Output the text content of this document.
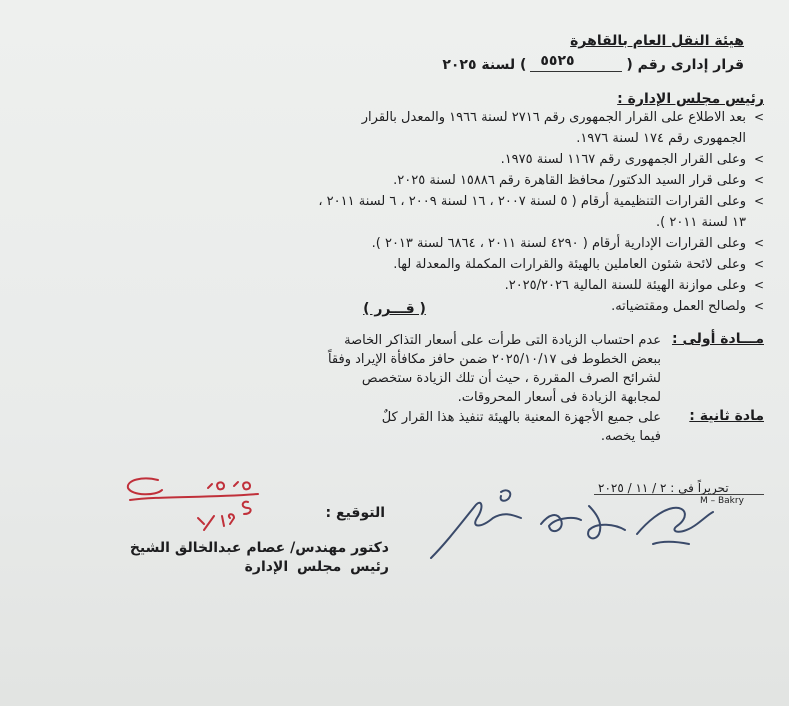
هيئة النقل العام بالقاهرة
قرار إدارى رقم (
٥٥٢٥
) لسنة ٢٠٢٥
رئيس مجلس الإدارة :
>
بعد الاطلاع على القرار الجمهورى رقم ٢٧١٦ لسنة ١٩٦٦ والمعدل بالقرار
الجمهورى رقم ١٧٤ لسنة ١٩٧٦.
>
وعلى القرار الجمهورى رقم ١١٦٧ لسنة ١٩٧٥.
>
وعلى قرار السيد الدكتور/ محافظ القاهرة رقم ١٥٨٨٦ لسنة ٢٠٢٥.
>
وعلى القرارات التنظيمية أرقام ( ٥ لسنة ٢٠٠٧ ، ١٦ لسنة ٢٠٠٩ ، ٦ لسنة ٢٠١١ ،
١٣ لسنة ٢٠١١ ).
>
وعلى القرارات الإدارية أرقام ( ٤٢٩٠ لسنة ٢٠١١ ، ٦٨٦٤ لسنة ٢٠١٣ ).
>
وعلى لائحة شئون العاملين بالهيئة والقرارات المكملة والمعدلة لها.
>
وعلى موازنة الهيئة للسنة المالية ٢٠٢٥/٢٠٢٦.
>
ولصالح العمل ومقتضياته.
( قـــرر )
مـــادة أولى :
عدم احتساب الزيادة التى طرأت على أسعار التذاكر الخاصة
ببعض الخطوط فى ٢٠٢٥/١٠/١٧ ضمن حافز مكافأة الإيراد وفقاً
لشرائح الصرف المقررة ، حيث أن تلك الزيادة ستخصص
لمجابهة الزيادة فى أسعار المحروقات.
مادة ثانية :
على جميع الأجهزة المعنية بالهيئة تنفيذ هذا القرار كلٌ
فيما يخصه.
تحريراً فى : ٢ / ١١ / ٢٠٢٥
M – Bakry
التوقيع :
دكتور مهندس/ عصام عبدالخالق الشيخ
رئيس مجلس الإدارة
